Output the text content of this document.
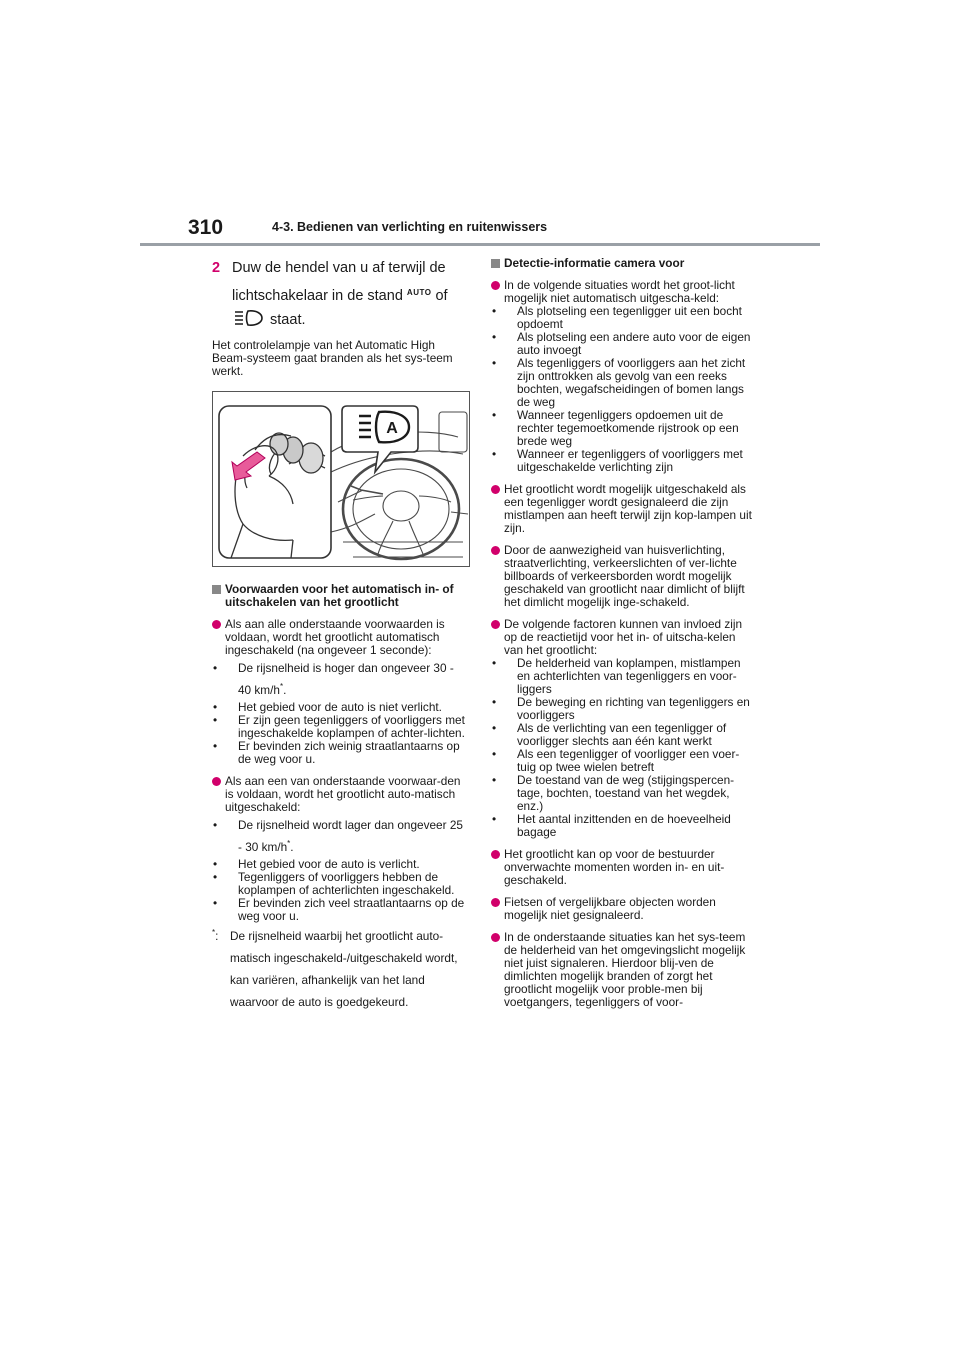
310	4-3. Bedienen van verlichting en ruitenwissers
2 Duw de hendel van u af terwijl de
lichtschakelaar in de stand $^{AUTO}$ of
staat.
Het controlelampje van het Automatic High Beam-systeem gaat branden als het sys-teem werkt.
A
Voorwaarden voor het automatisch in- of uitschakelen van het grootlicht
Als aan alle onderstaande voorwaarden is voldaan, wordt het grootlicht automatisch ingeschakeld (na ongeveer 1 seconde):
• De rijsnelheid is hoger dan ongeveer 30 - 40 km/h*.
• Het gebied voor de auto is niet verlicht.
• Er zijn geen tegenliggers of voorliggers met ingeschakelde koplampen of achter-lichten.
• Er bevinden zich weinig straatlantaarns op de weg voor u.
Als aan een van onderstaande voorwaar-den is voldaan, wordt het grootlicht auto-matisch uitgeschakeld:
• De rijsnelheid wordt lager dan ongeveer 25 - 30 km/h*.
• Het gebied voor de auto is verlicht.
• Tegenliggers of voorliggers hebben de koplampen of achterlichten ingeschakeld.
• Er bevinden zich veel straatlantaarns op de weg voor u.
*: De rijsnelheid waarbij het grootlicht auto-matisch ingeschakeld-/uitgeschakeld wordt, kan variëren, afhankelijk van het land waarvoor de auto is goedgekeurd.
Detectie-informatie camera voor
In de volgende situaties wordt het groot-licht mogelijk niet automatisch uitgescha-keld:
• Als plotseling een tegenligger uit een bocht opdoemt
• Als plotseling een andere auto voor de eigen auto invoegt
• Als tegenliggers of voorliggers aan het zicht zijn onttrokken als gevolg van een reeks bochten, wegafscheidingen of bomen langs de weg
• Wanneer tegenliggers opdoemen uit de rechter tegemoetkomende rijstrook op een brede weg
• Wanneer er tegenliggers of voorliggers met uitgeschakelde verlichting zijn
Het grootlicht wordt mogelijk uitgeschakeld als een tegenligger wordt gesignaleerd die zijn mistlampen aan heeft terwijl zijn kop-lampen uit zijn.
Door de aanwezigheid van huisverlichting, straatverlichting, verkeerslichten of ver-lichte billboards of verkeersborden wordt mogelijk geschakeld van grootlicht naar dimlicht of blijft het dimlicht mogelijk inge-schakeld.
De volgende factoren kunnen van invloed zijn op de reactietijd voor het in- of uitscha-kelen van het grootlicht:
• De helderheid van koplampen, mistlampen en achterlichten van tegenliggers en voor-liggers
• De beweging en richting van tegenliggers en voorliggers
• Als de verlichting van een tegenligger of voorligger slechts aan één kant werkt
• Als een tegenligger of voorligger een voer-tuig op twee wielen betreft
• De toestand van de weg (stijgingspercen-tage, bochten, toestand van het wegdek, enz.)
• Het aantal inzittenden en de hoeveelheid bagage
Het grootlicht kan op voor de bestuurder onverwachte momenten worden in- en uit-geschakeld.
Fietsen of vergelijkbare objecten worden mogelijk niet gesignaleerd.
In de onderstaande situaties kan het sys-teem de helderheid van het omgevingslicht mogelijk niet juist signaleren. Hierdoor blij-ven de dimlichten mogelijk branden of zorgt het grootlicht mogelijk voor proble-men bij voetgangers, tegenliggers of voor-
